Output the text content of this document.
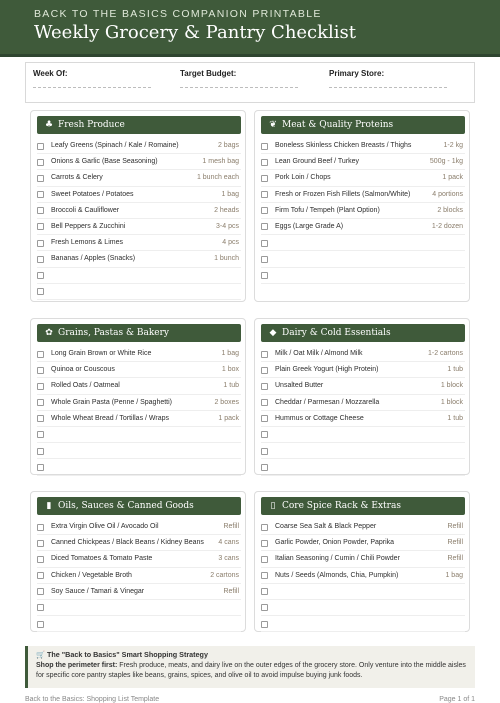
BACK TO THE BASICS COMPANION PRINTABLE
Weekly Grocery & Pantry Checklist
Week Of:	Target Budget:	Primary Store:
♣ Fresh Produce
Leafy Greens (Spinach / Kale / Romaine)	2 bags
Onions & Garlic (Base Seasoning)	1 mesh bag
Carrots & Celery	1 bunch each
Sweet Potatoes / Potatoes	1 bag
Broccoli & Cauliflower	2 heads
Bell Peppers & Zucchini	3-4 pcs
Fresh Lemons & Limes	4 pcs
Bananas / Apples (Snacks)	1 bunch
❦ Meat & Quality Proteins
Boneless Skinless Chicken Breasts / Thighs	1-2 kg
Lean Ground Beef / Turkey	500g - 1kg
Pork Loin / Chops	1 pack
Fresh or Frozen Fish Fillets (Salmon/White)	4 portions
Firm Tofu / Tempeh (Plant Option)	2 blocks
Eggs (Large Grade A)	1-2 dozen
✿ Grains, Pastas & Bakery
Long Grain Brown or White Rice	1 bag
Quinoa or Couscous	1 box
Rolled Oats / Oatmeal	1 tub
Whole Grain Pasta (Penne / Spaghetti)	2 boxes
Whole Wheat Bread / Tortillas / Wraps	1 pack
◆ Dairy & Cold Essentials
Milk / Oat Milk / Almond Milk	1-2 cartons
Plain Greek Yogurt (High Protein)	1 tub
Unsalted Butter	1 block
Cheddar / Parmesan / Mozzarella	1 block
Hummus or Cottage Cheese	1 tub
▮ Oils, Sauces & Canned Goods
Extra Virgin Olive Oil / Avocado Oil	Refill
Canned Chickpeas / Black Beans / Kidney Beans 4 cans
Diced Tomatoes & Tomato Paste	3 cans
Chicken / Vegetable Broth	2 cartons
Soy Sauce / Tamari & Vinegar	Refill
▯ Core Spice Rack & Extras
Coarse Sea Salt & Black Pepper	Refill
Garlic Powder, Onion Powder, Paprika	Refill
Italian Seasoning / Cumin / Chili Powder	Refill
Nuts / Seeds (Almonds, Chia, Pumpkin)	1 bag
🛒 The "Back to Basics" Smart Shopping Strategy
Shop the perimeter first: Fresh produce, meats, and dairy live on the outer edges of the grocery store. Only venture into the middle aisles for specific core pantry staples like beans, grains, spices, and olive oil to avoid impulse buying junk foods.
Back to the Basics: Shopping List Template	Page 1 of 1
